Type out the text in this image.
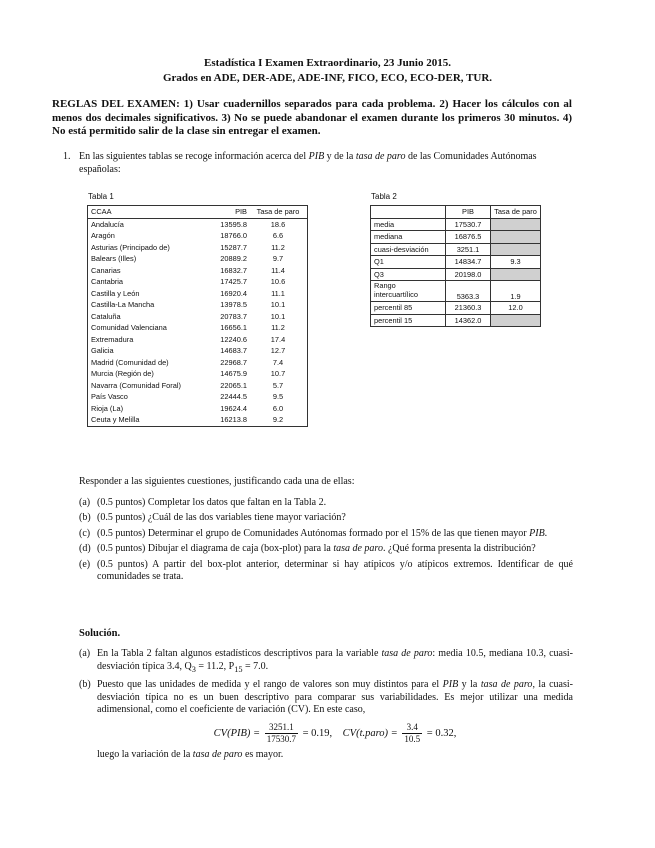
Estadística I Examen Extraordinario, 23 Junio 2015.
Grados en ADE, DER-ADE, ADE-INF, FICO, ECO, ECO-DER, TUR.
REGLAS DEL EXAMEN: 1) Usar cuadernillos separados para cada problema. 2) Hacer los cálculos con al menos dos decimales significativos. 3) No se puede abandonar el examen durante los primeros 30 minutos. 4) No está permitido salir de la clase sin entregar el examen.
1. En las siguientes tablas se recoge información acerca del PIB y de la tasa de paro de las Comunidades Autónomas españolas:
Tabla 1
CCAA	PIB	Tasa de paro
Andalucía	13595.8	18.6
Aragón	18766.0	6.6
Asturias (Principado de)	15287.7	11.2
Balears (Illes)	20889.2	9.7
Canarias	16832.7	11.4
Cantabria	17425.7	10.6
Castilla y León	16920.4	11.1
Castilla-La Mancha	13978.5	10.1
Cataluña	20783.7	10.1
Comunidad Valenciana	16656.1	11.2
Extremadura	12240.6	17.4
Galicia	14683.7	12.7
Madrid (Comunidad de)	22968.7	7.4
Murcia (Región de)	14675.9	10.7
Navarra (Comunidad Foral)	22065.1	5.7
País Vasco	22444.5	9.5
Rioja (La)	19624.4	6.0
Ceuta y Melilla	16213.8	9.2
Tabla 2
	PIB	Tasa de paro
media	17530.7	
mediana	16876.5	
cuasi-desviación	3251.1	
Q1	14834.7	9.3
Q3	20198.0	

Rango
intercuartílico	5363.3	1.9
percentil 85	21360.3	12.0
percentil 15	14362.0	
Responder a las siguientes cuestiones, justificando cada una de ellas:
(a) (0.5 puntos) Completar los datos que faltan en la Tabla 2.
(b) (0.5 puntos) ¿Cuál de las dos variables tiene mayor variación?
(c) (0.5 puntos) Determinar el grupo de Comunidades Autónomas formado por el 15% de las que tienen mayor PIB.
(d) (0.5 puntos) Dibujar el diagrama de caja (box-plot) para la tasa de paro. ¿Qué forma presenta la distribución?
(e) (0.5 puntos) A partir del box-plot anterior, determinar si hay atípicos y/o atípicos extremos. Identificar de qué comunidades se trata.
Solución.
(a) En la Tabla 2 faltan algunos estadísticos descriptivos para la variable tasa de paro: media 10.5, mediana 10.3, cuasi-desviación típica 3.4, $Q_3 = 11.2$, $P_{15} = 7.0$.
(b) Puesto que las unidades de medida y el rango de valores son muy distintos para el PIB y la tasa de paro, la cuasi-desviación típica no es un buen descriptivo para comparar sus variabilidades. Es mejor utilizar una medida adimensional, como el coeficiente de variación (CV). En este caso,
$CV(PIB) = \frac{3251.1}{17530.7} = 0.19$, CV(t.paro) = $\frac{3.4}{10.5} = 0.32$,
luego la variación de la tasa de paro es mayor.
